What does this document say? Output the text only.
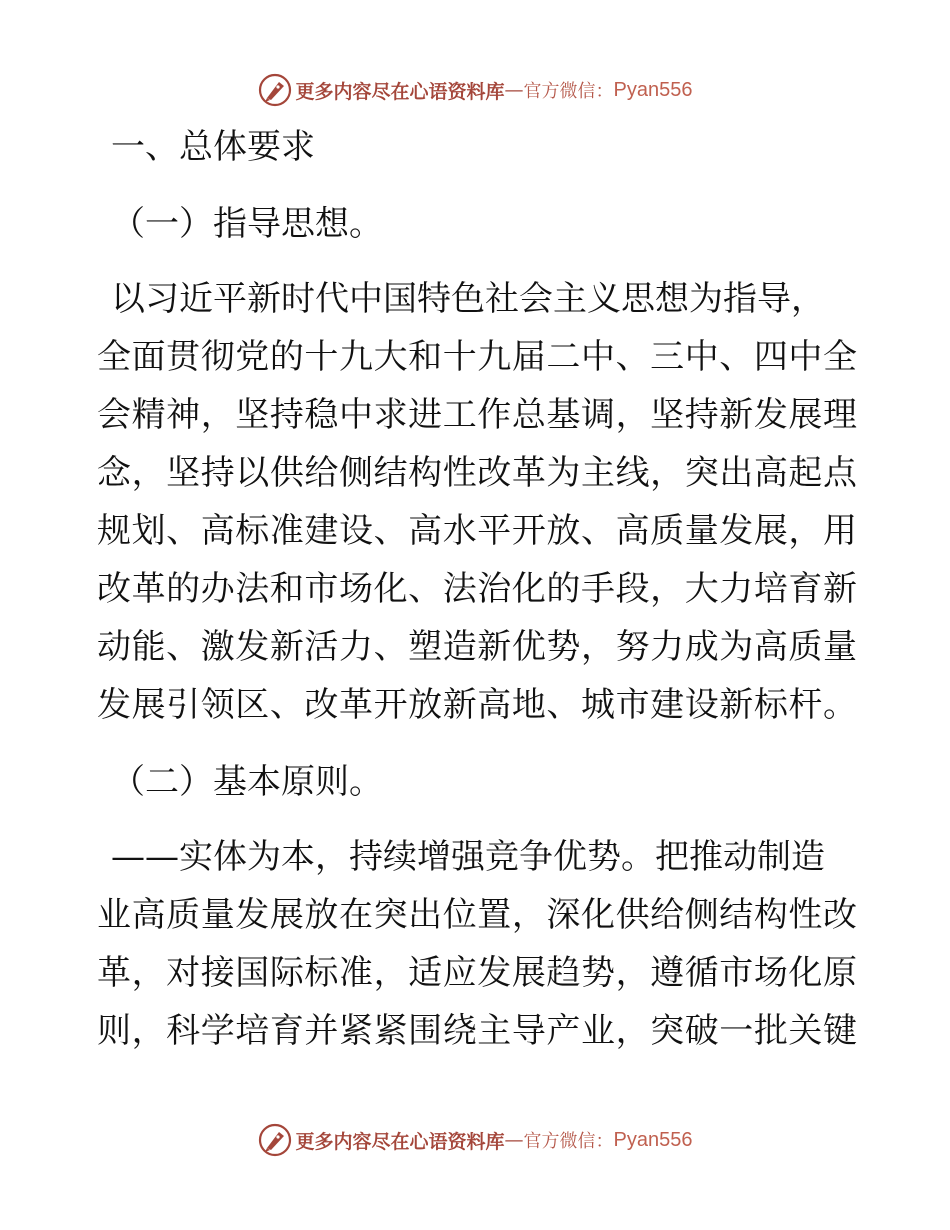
更多内容尽在心语资料库 — 官方微信： Pyan556
一、总体要求
（一）指导思想。
以习近平新时代中国特色社会主义思想为指导，
全面贯彻党的十九大和十九届二中、三中、四中全
会精神，坚持稳中求进工作总基调，坚持新发展理
念，坚持以供给侧结构性改革为主线，突出高起点
规划、高标准建设、高水平开放、高质量发展，用
改革的办法和市场化、法治化的手段，大力培育新
动能、激发新活力、塑造新优势，努力成为高质量
发展引领区、改革开放新高地、城市建设新标杆。
（二）基本原则。
——实体为本，持续增强竞争优势。把推动制造
业高质量发展放在突出位置，深化供给侧结构性改
革，对接国际标准，适应发展趋势，遵循市场化原
则，科学培育并紧紧围绕主导产业，突破一批关键
更多内容尽在心语资料库 — 官方微信： Pyan556
